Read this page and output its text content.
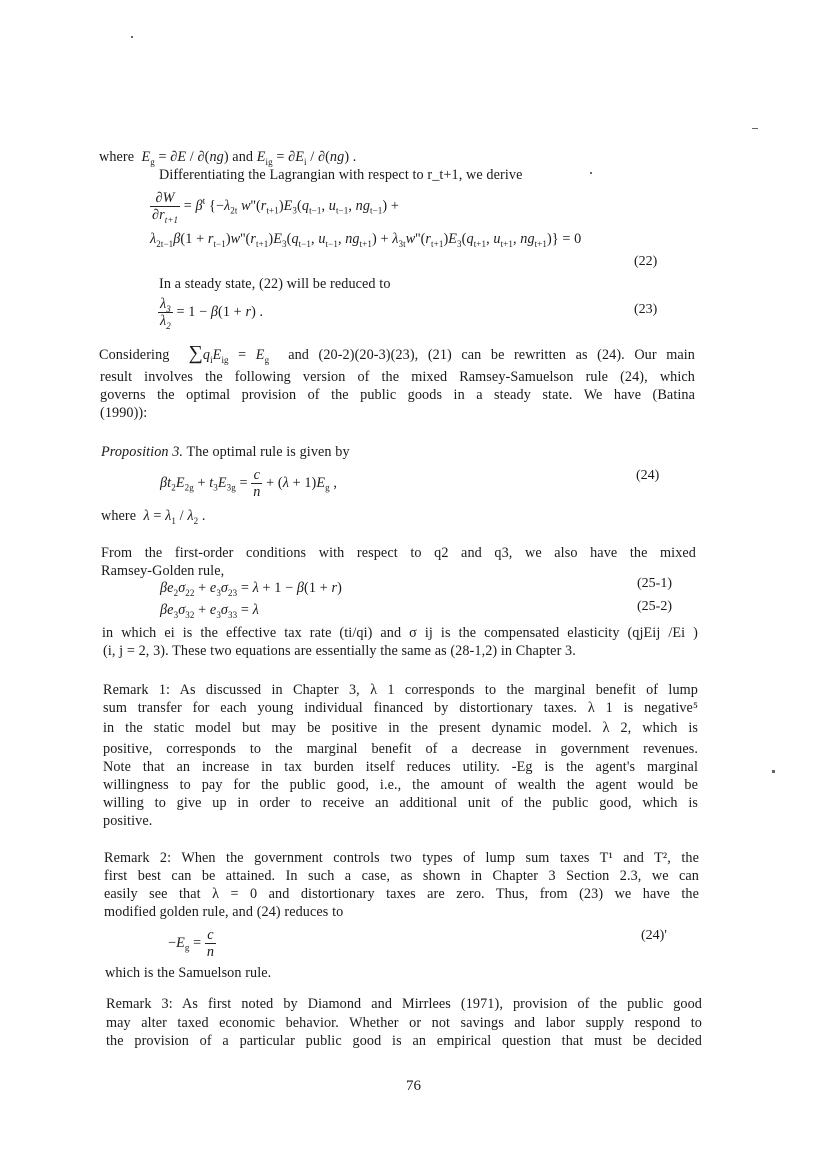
where  $E_g = \partial E / \partial(ng)$ and $E_{ig} = \partial E_i / \partial(ng)$ .
Differentiating the Lagrangian with respect to r_t+1, we derive
$\frac{\partial W}{\partial r_{t+1}} = \beta^t$ {$-\lambda_{2t}$ $w''(r_{t+1})E_3(q_{t-1}$, $u_{t-1}$, $ng_{t-1}$) +
$\lambda_{2t-1}\beta(1 + r_{t-1})w''(r_{t+1})E_3(q_{t-1}$, $u_{t-1}$, $ng_{t+1}) + \lambda_{3t}w''(r_{t+1})E_3(q_{t+1}$, $u_{t+1}$, $ng_{t+1})\} = 0$
(22)
In a steady state, (22) will be reduced to
$\frac{\lambda_3}{\lambda_2} = 1 - \beta(1 + r)$ .	(23)
Considering  $\sum q_iE_{ig} = E_g$  and (20-2)(20-3)(23), (21) can be rewritten as (24). Our main
result involves the following version of the mixed Ramsey-Samuelson rule (24), which
governs the optimal provision of the public goods in a steady state. We have (Batina
(1990)):
Proposition 3. The optimal rule is given by
$\beta t_2E_{2g} + t_3E_{3g} = \frac{c}{n} + (\lambda + 1)E_g$ ,	(24)
where  $\lambda = \lambda_1 / \lambda_2$ .
From the first-order conditions with respect to q2 and q3, we also have the mixed
Ramsey-Golden rule,
$\beta e_2\sigma_{22} + e_3\sigma_{23} = \lambda + 1 - \beta(1 + r)$	(25-1)
$\beta e_3\sigma_{32} + e_3\sigma_{33} = \lambda$	(25-2)
in which ei is the effective tax rate (ti/qi) and σ ij is the compensated elasticity (qjEij /Ei )
(i, j = 2, 3). These two equations are essentially the same as (28-1,2) in Chapter 3.
Remark 1: As discussed in Chapter 3, λ 1 corresponds to the marginal benefit of lump
sum transfer for each young individual financed by distortionary taxes. λ 1 is negative⁵
in the static model but may be positive in the present dynamic model. λ 2, which is
positive, corresponds to the marginal benefit of a decrease in government revenues.
Note that an increase in tax burden itself reduces utility. -Eg is the agent's marginal
willingness to pay for the public good, i.e., the amount of wealth the agent would be
willing to give up in order to receive an additional unit of the public good, which is
positive.
Remark 2: When the government controls two types of lump sum taxes T¹ and T², the
first best can be attained. In such a case, as shown in Chapter 3 Section 2.3, we can
easily see that λ = 0 and distortionary taxes are zero. Thus, from (23) we have the
modified golden rule, and (24) reduces to
$-E_g = \frac{c}{n}$	(24)'
which is the Samuelson rule.
Remark 3: As first noted by Diamond and Mirrlees (1971), provision of the public good
may alter taxed economic behavior. Whether or not savings and labor supply respond to
the provision of a particular public good is an empirical question that must be decided
76
